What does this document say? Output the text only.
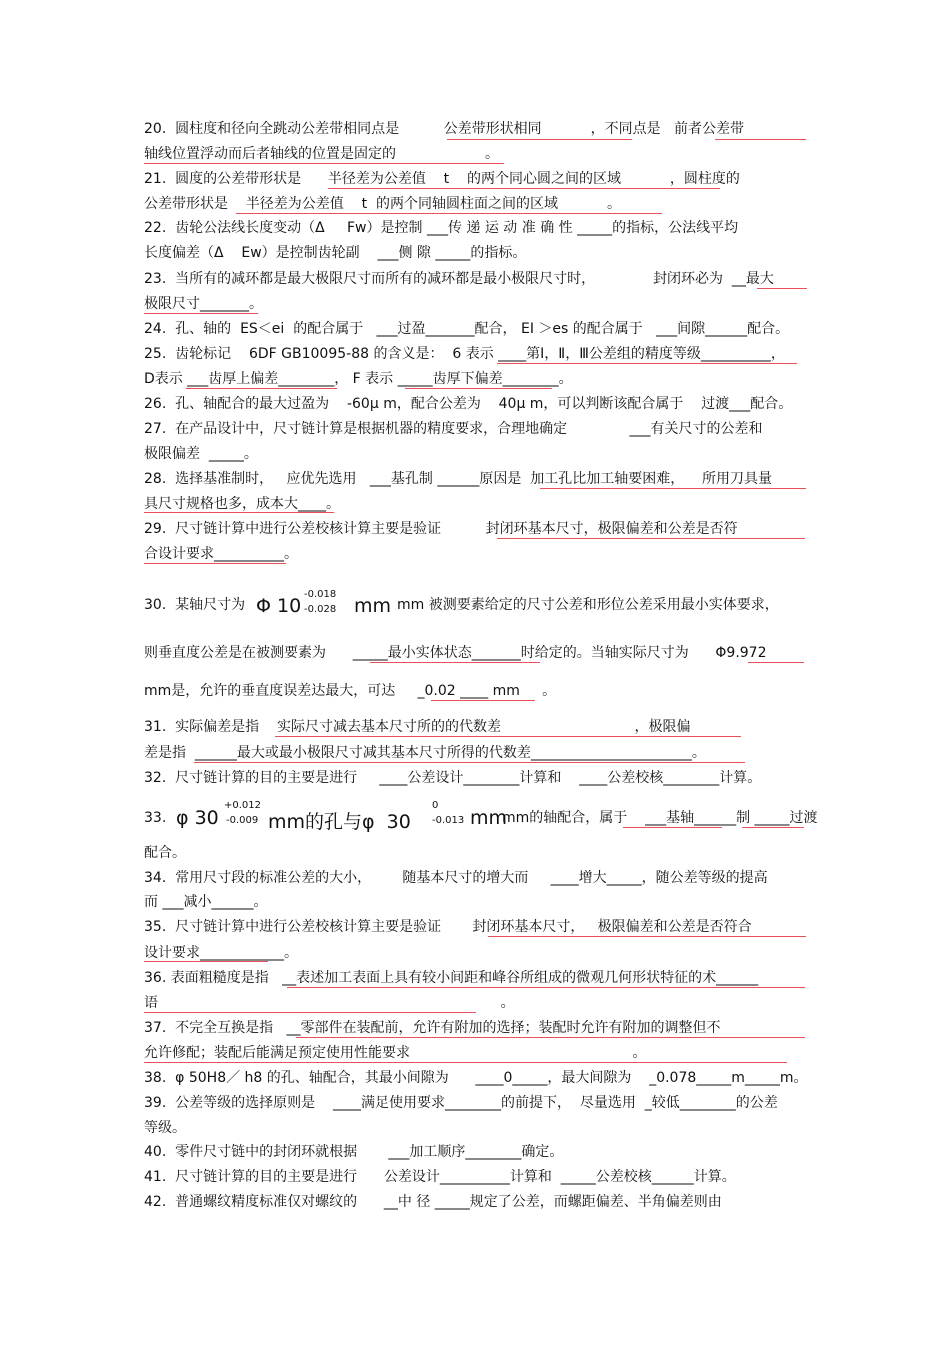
20.  圆柱度和径向全跳动公差带相同点是          公差带形状相同           ，不同点是   前者公差带
轴线位置浮动而后者轴线的位置是固定的                    。
21.  圆度的公差带形状是      半径差为公差值    t    的两个同心圆之间的区域           ，圆柱度的
公差带形状是    半径差为公差值    t  的两个同轴圆柱面之间的区域           。
22.  齿轮公法线长度变动（Δ     Fw）是控制 ___传 递 运 动 准 确 性 _____的指标，公法线平均
长度偏差（Δ    Ew）是控制齿轮副    ___侧 隙 _____的指标。
23.  当所有的减环都是最大极限尺寸而所有的减环都是最小极限尺寸时，             封闭环必为  __最大
极限尺寸_______。
24.  孔、轴的  ES＜ei  的配合属于   ___过盈_______配合， EI ＞es 的配合属于   ___间隙______配合。
25.  齿轮标记    6DF GB10095-88 的含义是：  6 表示 ____第Ⅰ，Ⅱ，Ⅲ公差组的精度等级__________，
D表示 ___齿厚上偏差________， F 表示 _____齿厚下偏差________。
26.  孔、轴配合的最大过盈为    -60μ m，配合公差为    40μ m，可以判断该配合属于    过渡___配合。
27.  在产品设计中，尺寸链计算是根据机器的精度要求，合理地确定              ___有关尺寸的公差和
极限偏差  _____。
28.  选择基准制时，   应优先选用   ___基孔制 ______原因是  加工孔比加工轴要困难，    所用刀具量
具尺寸规格也多，成本大____。
29.  尺寸链计算中进行公差校核计算主要是验证          封闭环基本尺寸，极限偏差和公差是否符
合设计要求__________。
30.  某轴尺寸为 Φ 10
-0.018
-0.028 mm mm 被测要素给定的尺寸公差和形位公差采用最小实体要求，
则垂直度公差是在被测要素为      _____最小实体状态_______时给定的。当轴实际尺寸为      Φ9.972
mm是，允许的垂直度误差达最大，可达     _0.02 ____ mm     。
31.  实际偏差是指    实际尺寸减去基本尺寸所的的代数差                              ，极限偏
差是指  ______最大或最小极限尺寸减其基本尺寸所得的代数差_______________________。
32.  尺寸链计算的目的主要是进行     ____公差设计________计算和    ____公差校核________计算。
33. φ 30
+0.012
-0.009 mm的孔与φ  30
0
-0.013 mm
mm的轴配合，属于    ___基轴______制 _____过渡
配合。
34.  常用尺寸段的标准公差的大小，       随基本尺寸的增大而     ____增大_____，随公差等级的提高
而 ___减小______。
35.  尺寸链计算中进行公差校核计算主要是验证       封闭环基本尺寸，   极限偏差和公差是否符合
设计要求____________。
36. 表面粗糙度是指   __表述加工表面上具有较小间距和峰谷所组成的微观几何形状特征的术______
语                                                                             。
37.  不完全互换是指   __零部件在装配前，允许有附加的选择；装配时允许有附加的调整但不
允许修配；装配后能满足预定使用性能要求                                                  。
38.  φ 50H8／ h8 的孔、轴配合，其最小间隙为      ____0_____，最大间隙为    _0.078_____m_____m。
39.  公差等级的选择原则是    ____满足使用要求________的前提下，  尽量选用  _较低________的公差
等级。
40.  零件尺寸链中的封闭环就根据       ___加工顺序________确定。
41.  尺寸链计算的目的主要是进行      公差设计__________计算和  _____公差校核______计算。
42.  普通螺纹精度标准仅对螺纹的      __中 径 _____规定了公差，而螺距偏差、半角偏差则由
